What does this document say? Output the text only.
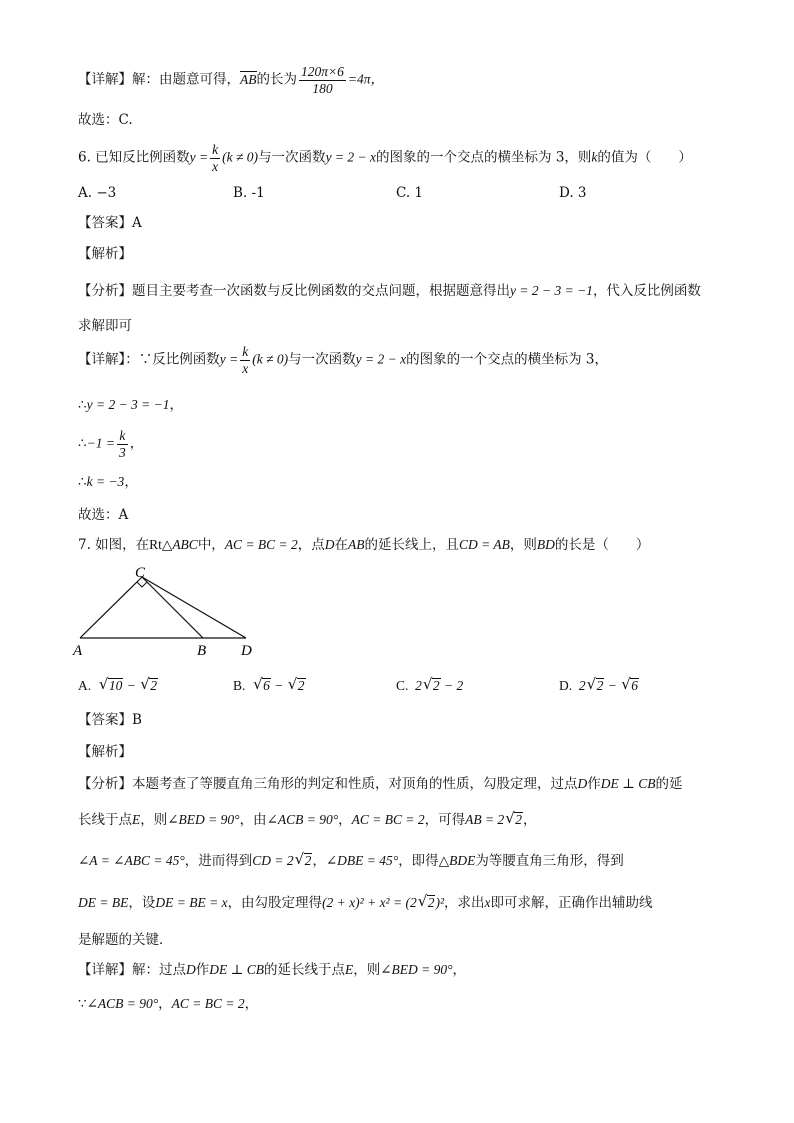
【详解】解：由题意可得，AB的长为 $\frac{120\pi\times 6}{180} =4\pi$，
故选：C.
6. 已知反比例函数$y = \frac{k}{x} (k \ne 0)$与一次函数y = 2 − x的图象的一个交点的横坐标为 3，则k的值为（　　）
A. −3	B. -1	C. 1	D. 3
【答案】A
【解析】
【分析】题目主要考查一次函数与反比例函数的交点问题，根据题意得出y = 2 − 3 = −1，代入反比例函数
求解即可
【详解】：∵反比例函数$y = \frac{k}{x} (k \ne 0)$与一次函数y = 2 − x的图象的一个交点的横坐标为 3，
∴y = 2 − 3 = −1，
∴−1 = $\frac{k}{3}$ ，
∴k = −3，
故选：A
7. 如图，在Rt△ABC中，AC = BC = 2，点D在AB的延长线上，且CD = AB，则BD的长是（　　）
C
A	B D
A. √ 10 − √ 2	B. √ 6 − √ 2	C. 2 √ 2 − 2	D. 2 √ 2 − √ 6
【答案】B
【解析】
【分析】本题考查了等腰直角三角形的判定和性质，对顶角的性质，勾股定理，过点D作DE ⊥ CB的延
长线于点E，则∠BED = 90°，由∠ACB = 90°，AC = BC = 2，可得AB = 2 √ 2，
∠A = ∠ABC = 45°，进而得到CD = 2 √ 2，∠DBE = 45°，即得△BDE为等腰直角三角形，得到
DE = BE，设DE = BE = x，由勾股定理得(2 + x)² + x² = (2 √ 2)²，求出x即可求解，正确作出辅助线
是解题的关键．
【详解】解：过点D作DE ⊥ CB的延长线于点E，则∠BED = 90°，
∵∠ACB = 90°，AC = BC = 2，
